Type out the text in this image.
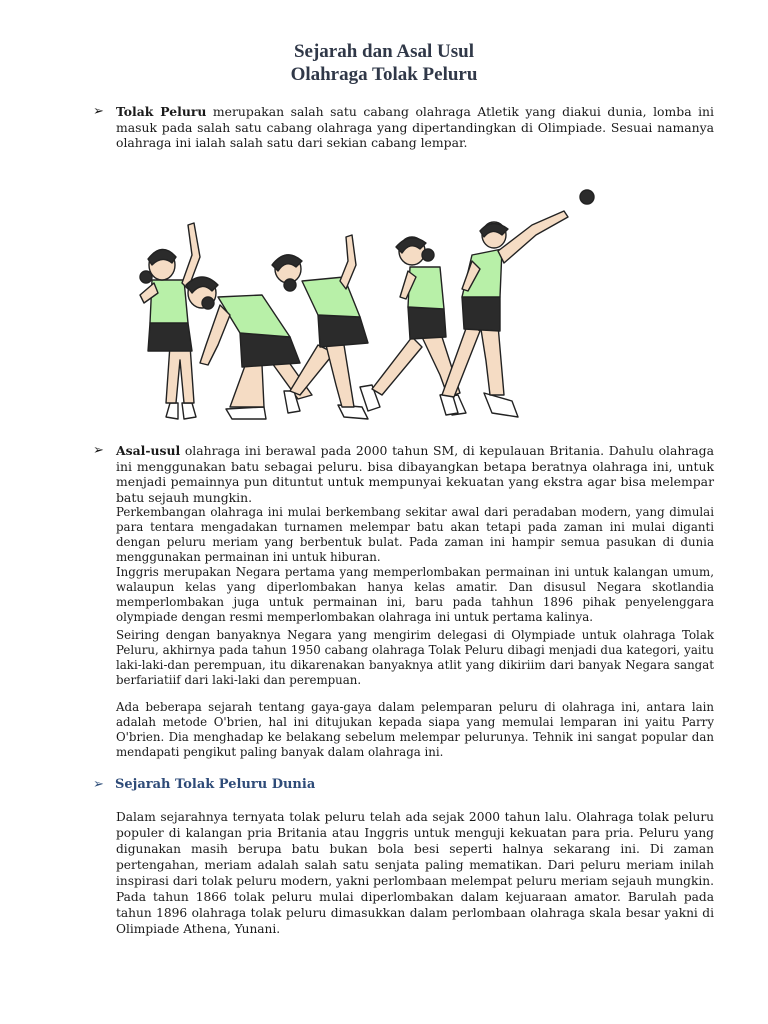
Sejarah dan Asal Usul
Olahraga Tolak Peluru
➢ Tolak Peluru merupakan salah satu cabang olahraga Atletik yang diakui dunia, lomba ini masuk pada salah satu cabang olahraga yang dipertandingkan di Olimpiade. Sesuai namanya olahraga ini ialah salah satu dari sekian cabang lempar.

➢ Asal-usul olahraga ini berawal pada 2000 tahun SM, di kepulauan Britania. Dahulu olahraga ini menggunakan batu sebagai peluru. bisa dibayangkan betapa beratnya olahraga ini, untuk menjadi pemainnya pun dituntut untuk mempunyai kekuatan yang ekstra agar bisa melempar batu sejauh mungkin.

Perkembangan olahraga ini mulai berkembang sekitar awal dari peradaban modern, yang dimulai para tentara mengadakan turnamen melempar batu akan tetapi pada zaman ini mulai diganti dengan peluru meriam yang berbentuk bulat. Pada zaman ini hampir semua pasukan di dunia menggunakan permainan ini untuk hiburan.

Inggris merupakan Negara pertama yang memperlombakan permainan ini untuk kalangan umum, walaupun kelas yang diperlombakan hanya kelas amatir. Dan disusul Negara skotlandia memperlombakan juga untuk permainan ini, baru pada tahhun 1896 pihak penyelenggara olympiade dengan resmi memperlombakan olahraga ini untuk pertama kalinya.

Seiring dengan banyaknya Negara yang mengirim delegasi di Olympiade untuk olahraga Tolak Peluru, akhirnya pada tahun 1950 cabang olahraga Tolak Peluru dibagi menjadi dua kategori, yaitu laki-laki-dan perempuan, itu dikarenakan banyaknya atlit yang dikiriim dari banyak Negara sangat berfariatiif dari laki-laki dan perempuan.

Ada beberapa sejarah tentang gaya-gaya dalam pelemparan peluru di olahraga ini, antara lain adalah metode O'brien, hal ini ditujukan kepada siapa yang memulai lemparan ini yaitu Parry O'brien. Dia menghadap ke belakang sebelum melempar pelurunya. Tehnik ini sangat popular dan mendapati pengikut paling banyak dalam olahraga ini.

➢ Sejarah Tolak Peluru Dunia

Dalam sejarahnya ternyata tolak peluru telah ada sejak 2000 tahun lalu. Olahraga tolak peluru populer di kalangan pria Britania atau Inggris untuk menguji kekuatan para pria. Peluru yang digunakan masih berupa batu bukan bola besi seperti halnya sekarang ini. Di zaman pertengahan, meriam adalah salah satu senjata paling mematikan. Dari peluru meriam inilah inspirasi dari tolak peluru modern, yakni perlombaan melempat peluru meriam sejauh mungkin. Pada tahun 1866 tolak peluru mulai diperlombakan dalam kejuaraan amator. Barulah pada tahun 1896 olahraga tolak peluru dimasukkan dalam perlombaan olahraga skala besar yakni di Olimpiade Athena, Yunani.
